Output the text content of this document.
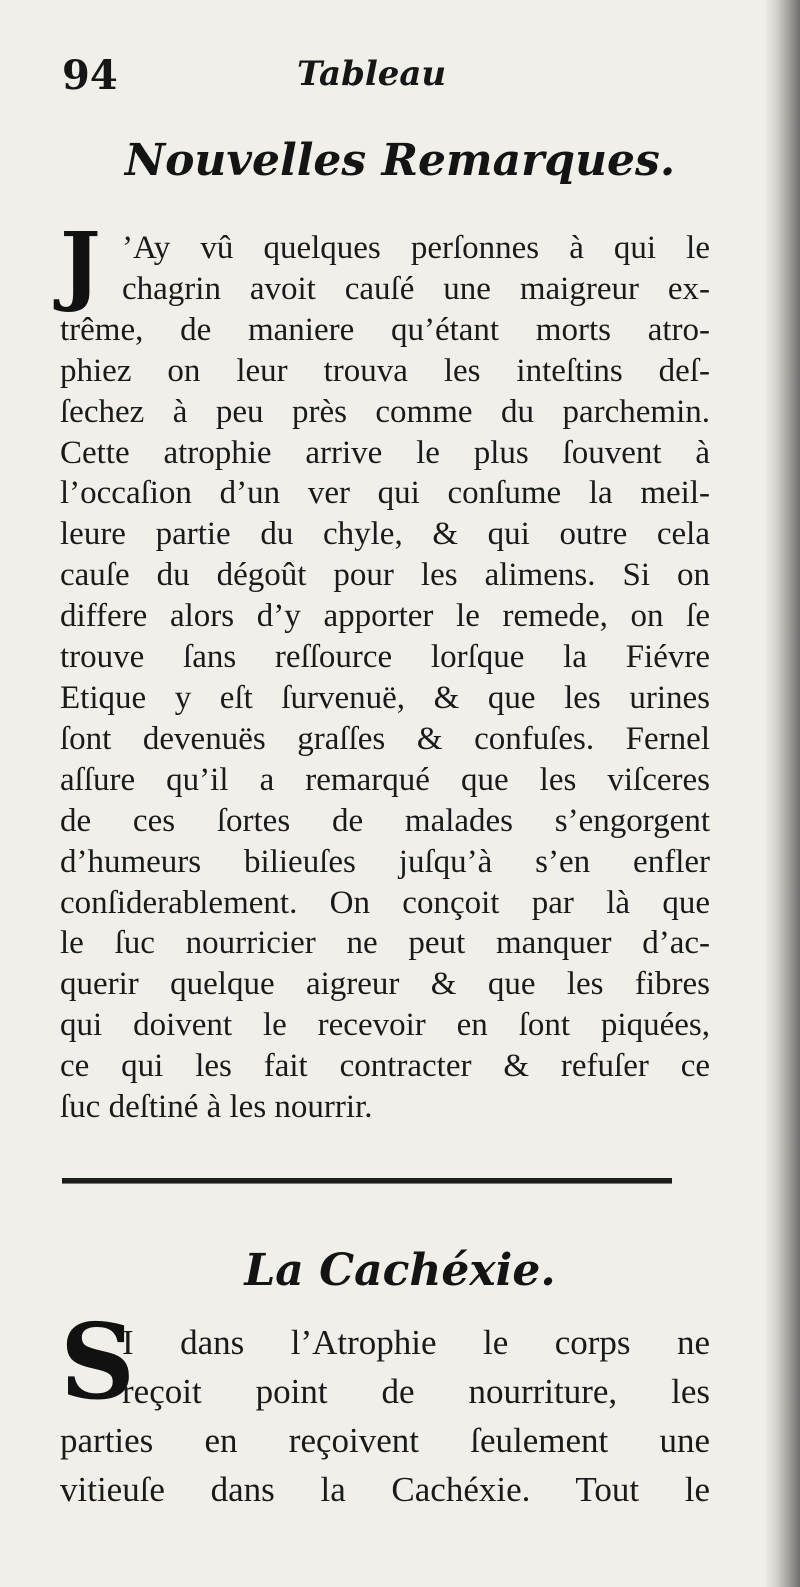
94	Tableau
Nouvelles Remarques.
J ’Ay vû quelques perſonnes à qui le
chagrin avoit cauſé une maigreur ex-
trême, de maniere qu’étant morts atro-
phiez on leur trouva les inteſtins deſ-
ſechez à peu près comme du parchemin.
Cette atrophie arrive le plus ſouvent à
l’occaſion d’un ver qui conſume la meil-
leure partie du chyle, & qui outre cela
cauſe du dégoût pour les alimens. Si on
differe alors d’y apporter le remede, on ſe
trouve ſans reſſource lorſque la Fiévre
Etique y eſt ſurvenuë, & que les urines
ſont devenuës graſſes & confuſes. Fernel
aſſure qu’il a remarqué que les viſceres
de ces ſortes de malades s’engorgent
d’humeurs bilieuſes juſqu’à s’en enfler
conſiderablement. On conçoit par là que
le ſuc nourricier ne peut manquer d’ac-
querir quelque aigreur & que les fibres
qui doivent le recevoir en ſont piquées,
ce qui les fait contracter & refuſer ce
ſuc deſtiné à les nourrir.
La Cachéxie.
S
I dans l’Atrophie le corps ne
reçoit point de nourriture, les
parties en reçoivent ſeulement une
vitieuſe dans la Cachéxie. Tout le
